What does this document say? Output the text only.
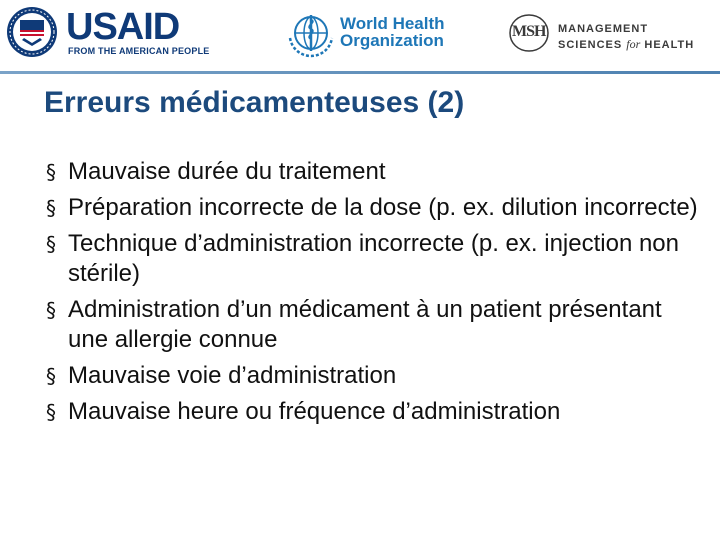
USAID
FROM THE AMERICAN PEOPLE
World Health
Organization	MSH MANAGEMENT
SCIENCES for HEALTH
Erreurs médicamenteuses (2)
§ Mauvaise durée du traitement
§ Préparation incorrecte de la dose (p. ex. dilution incorrecte)
§ Technique d’administration incorrecte (p. ex. injection non stérile)
§ Administration d’un médicament à un patient présentant une allergie connue
§ Mauvaise voie d’administration
§ Mauvaise heure ou fréquence d’administration
